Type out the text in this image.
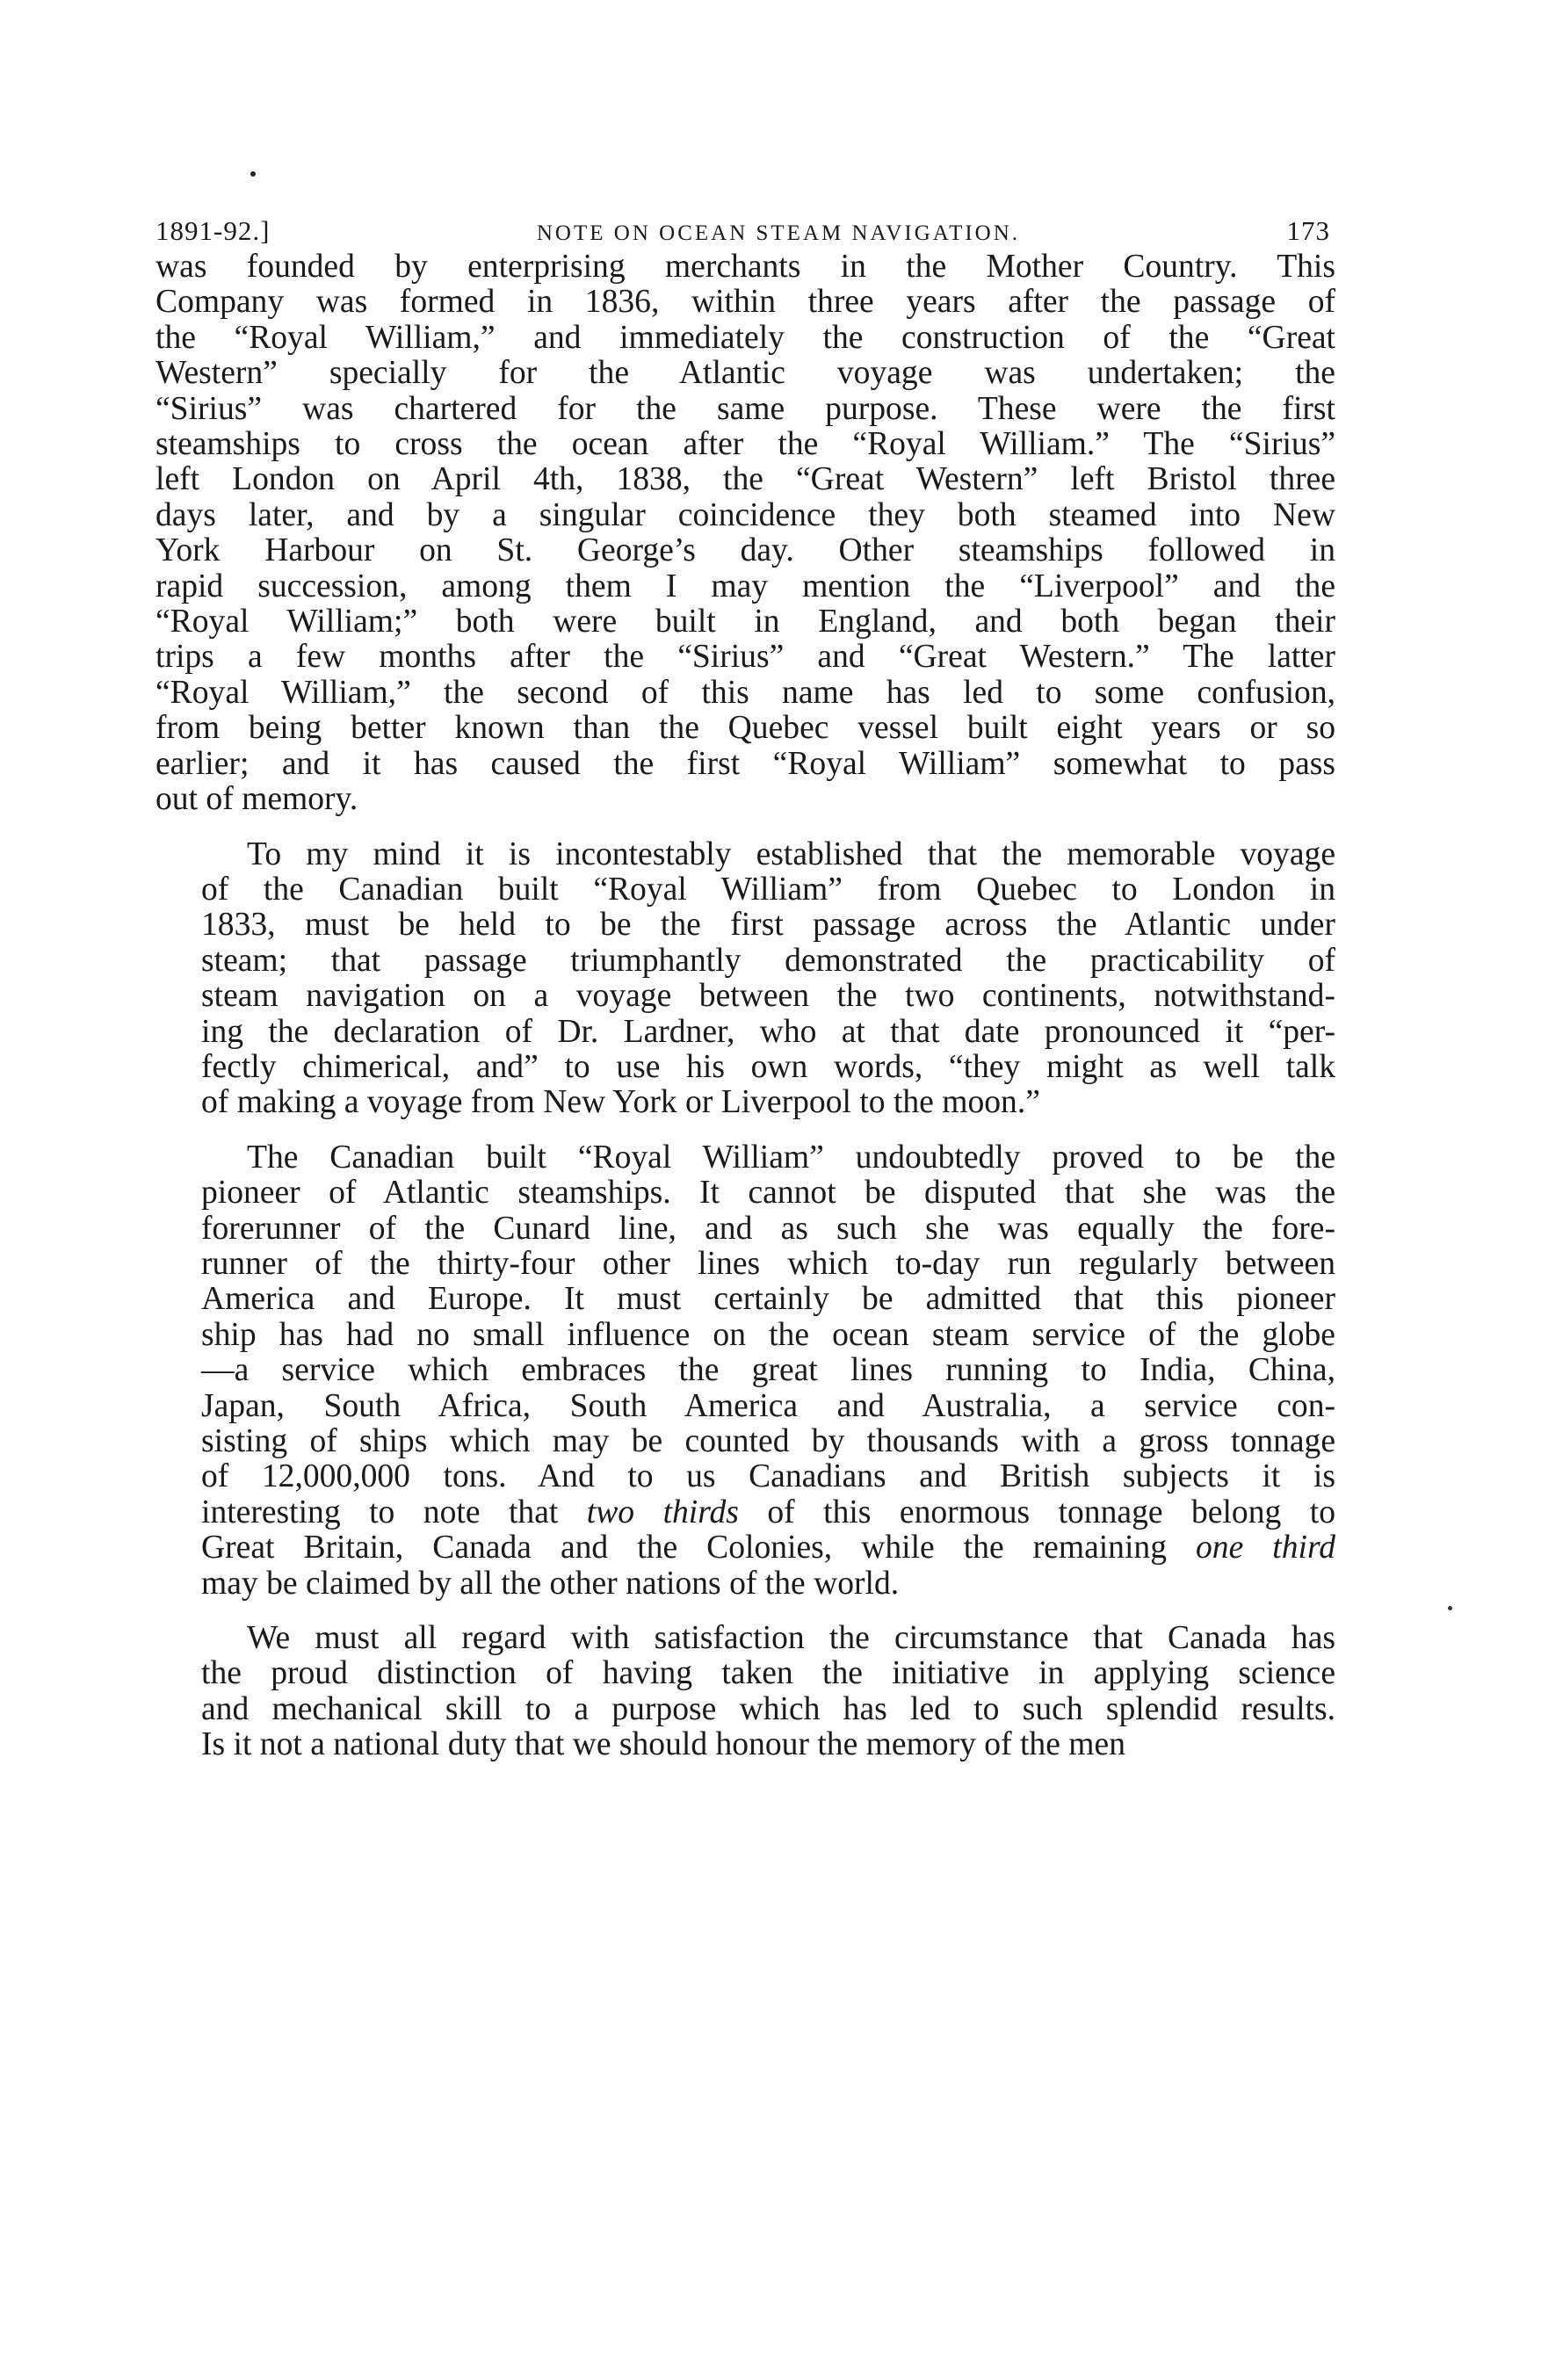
1891-92.]	NOTE ON OCEAN STEAM NAVIGATION.	173

was founded by enterprising merchants in the Mother Country. This
Company was formed in 1836, within three years after the passage of
the “Royal William,” and immediately the construction of the “Great
Western” specially for the Atlantic voyage was undertaken; the
“Sirius” was chartered for the same purpose. These were the first
steamships to cross the ocean after the “Royal William.” The “Sirius”
left London on April 4th, 1838, the “Great Western” left Bristol three
days later, and by a singular coincidence they both steamed into New
York Harbour on St. George’s day. Other steamships followed in
rapid succession, among them I may mention the “Liverpool” and the
“Royal William;” both were built in England, and both began their
trips a few months after the “Sirius” and “Great Western.” The latter
“Royal William,” the second of this name has led to some confusion,
from being better known than the Quebec vessel built eight years or so
earlier; and it has caused the first “Royal William” somewhat to pass
out of memory.

To my mind it is incontestably established that the memorable voyage
of the Canadian built “Royal William” from Quebec to London in
1833, must be held to be the first passage across the Atlantic under
steam; that passage triumphantly demonstrated the practicability of
steam navigation on a voyage between the two continents, notwithstand-
ing the declaration of Dr. Lardner, who at that date pronounced it “per-
fectly chimerical, and” to use his own words, “they might as well talk
of making a voyage from New York or Liverpool to the moon.”

The Canadian built “Royal William” undoubtedly proved to be the
pioneer of Atlantic steamships. It cannot be disputed that she was the
forerunner of the Cunard line, and as such she was equally the fore-
runner of the thirty-four other lines which to-day run regularly between
America and Europe. It must certainly be admitted that this pioneer
ship has had no small influence on the ocean steam service of the globe
—a service which embraces the great lines running to India, China,
Japan, South Africa, South America and Australia, a service con-
sisting of ships which may be counted by thousands with a gross tonnage
of 12,000,000 tons. And to us Canadians and British subjects it is
interesting to note that two thirds of this enormous tonnage belong to
Great Britain, Canada and the Colonies, while the remaining one third
may be claimed by all the other nations of the world.

We must all regard with satisfaction the circumstance that Canada has
the proud distinction of having taken the initiative in applying science
and mechanical skill to a purpose which has led to such splendid results.
Is it not a national duty that we should honour the memory of the men
